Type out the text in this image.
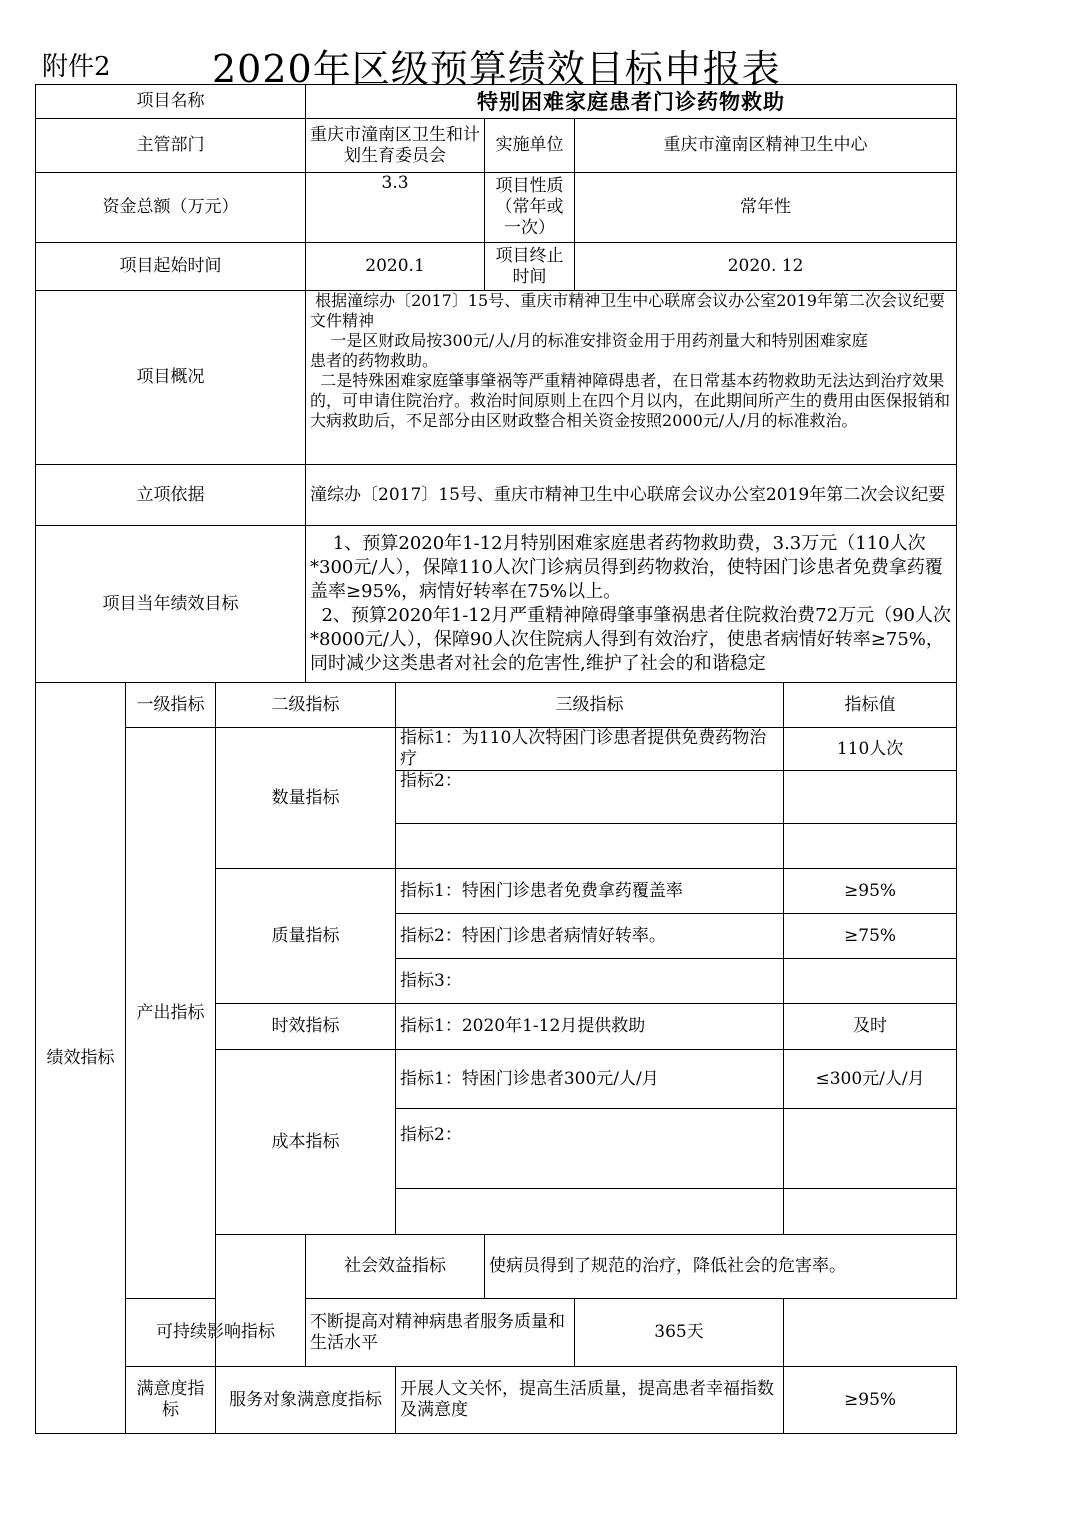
附件2	2020年区级预算绩效目标申报表
项目名称			特别困难家庭患者门诊药物救助					
主管部门			重庆市潼南区卫生和计划生育委员会		实施单位	重庆市潼南区精神卫生中心		
资金总额（万元）			3.3		项目性质（常年或一次）	常年性		
项目起始时间			2020.1		项目终止时间	2020. 12		
项目概况			根据潼综办〔2017〕15号、重庆市精神卫生中心联席会议办公室2019年第二次会议纪要文件精神
一是区财政局按300元/人/月的标准安排资金用于用药剂量大和特别困难家庭
患者的药物救助。
二是特殊困难家庭肇事肇祸等严重精神障碍患者，在日常基本药物救助无法达到治疗效果的，可申请住院治疗。救治时间原则上在四个月以内，在此期间所产生的费用由医保报销和大病救助后，不足部分由区财政整合相关资金按照2000元/人/月的标准救治。					
立项依据			潼综办〔2017〕15号、重庆市精神卫生中心联席会议办公室2019年第二次会议纪要					
项目当年绩效目标			1、预算2020年1-12月特别困难家庭患者药物救助费，3.3万元（110人次*300元/人），保障110人次门诊病员得到药物救治，使特困门诊患者免费拿药覆盖率≥95%，病情好转率在75%以上。
2、预算2020年1-12月严重精神障碍肇事肇祸患者住院救治费72万元（90人次*8000元/人），保障90人次住院病人得到有效治疗，使患者病情好转率≥75%，同时减少这类患者对社会的危害性,维护了社会的和谐稳定					
绩效指标	一级指标	二级指标		三级指标			指标值	
	产出指标	数量指标		指标1：为110人次特困门诊患者提供免费药物治疗			110人次	
				指标2：				

		质量指标		指标1：特困门诊患者免费拿药覆盖率			≥95%	
				指标2：特困门诊患者病情好转率。			≥75%	
				指标3：				
		时效指标		指标1：2020年1-12月提供救助			及时	
		成本指标		指标1：特困门诊患者300元/人/月			≤300元/人/月	
				指标2：				

			社会效益指标		使病员得到了规范的治疗，降低社会的危害率。	
	可持续影响指标		不断提高对精神病患者服务质量和生活水平			365天		
	满意度指标	服务对象满意度指标		开展人文关怀，提高生活质量，提高患者幸福指数及满意度			≥95%	
